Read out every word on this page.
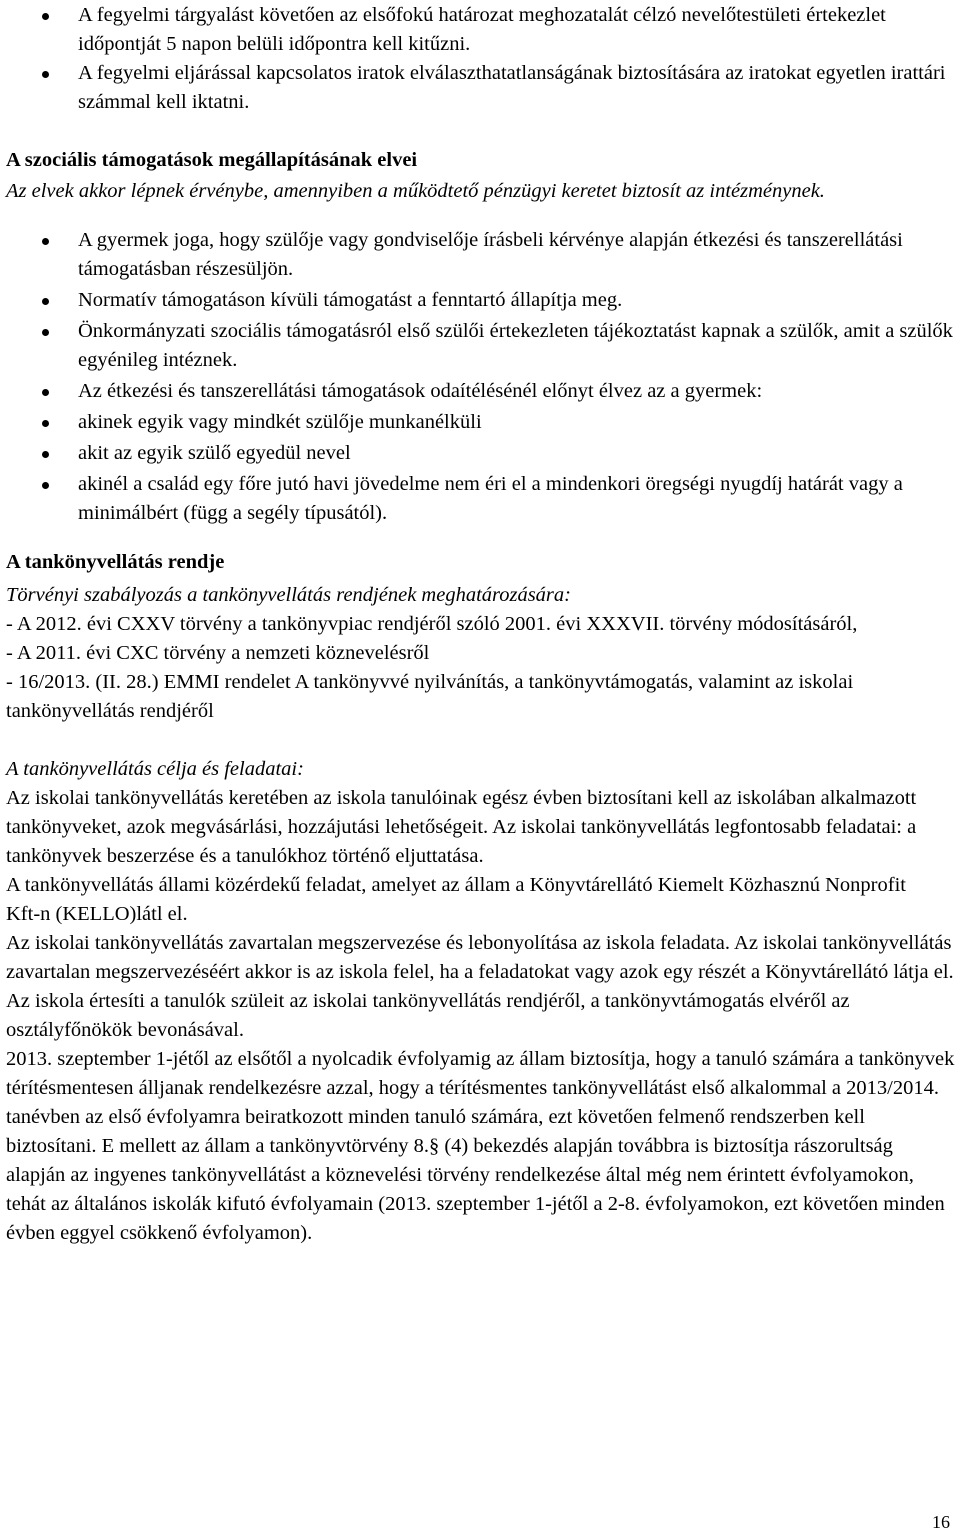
A fegyelmi tárgyalást követően az elsőfokú határozat meghozatalát célzó nevelőtestületi értekezlet időpontját 5 napon belüli időpontra kell kitűzni.
A fegyelmi eljárással kapcsolatos iratok elválaszthatatlanságának biztosítására az iratokat egyetlen irattári számmal kell iktatni.
A szociális támogatások megállapításának elvei
Az elvek akkor lépnek érvénybe, amennyiben a működtető pénzügyi keretet biztosít az intézménynek.
A gyermek joga, hogy szülője vagy gondviselője írásbeli kérvénye alapján étkezési és tanszerellátási támogatásban részesüljön.
Normatív támogatáson kívüli támogatást a fenntartó állapítja meg.
Önkormányzati szociális támogatásról első szülői értekezleten tájékoztatást kapnak a szülők, amit a szülők egyénileg intéznek.
Az étkezési és tanszerellátási támogatások odaítélésénél előnyt élvez az a gyermek:
akinek egyik vagy mindkét szülője munkanélküli
akit az egyik szülő egyedül nevel
akinél a család egy főre jutó havi jövedelme nem éri el a mindenkori öregségi nyugdíj határát vagy a minimálbért (függ a segély típusától).
A tankönyvellátás rendje
Törvényi szabályozás a tankönyvellátás rendjének meghatározására:
- A 2012. évi CXXV törvény a tankönyvpiac rendjéről szóló 2001. évi XXXVII. törvény módosításáról,
- A 2011. évi CXC törvény a nemzeti köznevelésről
- 16/2013. (II. 28.) EMMI rendelet A tankönyvvé nyilvánítás, a tankönyvtámogatás, valamint az iskolai tankönyvellátás rendjéről
A tankönyvellátás célja és feladatai:

Az iskolai tankönyvellátás keretében az iskola tanulóinak egész évben biztosítani kell az iskolában alkalmazott tankönyveket, azok megvásárlási, hozzájutási lehetőségeit. Az iskolai tankönyvellátás legfontosabb feladatai: a tankönyvek beszerzése és a tanulókhoz történő eljuttatása.

A tankönyvellátás állami közérdekű feladat, amelyet az állam a Könyvtárellátó Kiemelt Közhasznú Nonprofit Kft-n (KELLO)látl el.

Az iskolai tankönyvellátás zavartalan megszervezése és lebonyolítása az iskola feladata. Az iskolai tankönyvellátás zavartalan megszervezéséért akkor is az iskola felel, ha a feladatokat vagy azok egy részét a Könyvtárellátó látja el.

Az iskola értesíti a tanulók szüleit az iskolai tankönyvellátás rendjéről, a tankönyvtámogatás elvéről az osztályfőnökök bevonásával.

2013. szeptember 1-jétől az elsőtől a nyolcadik évfolyamig az állam biztosítja, hogy a tanuló számára a tankönyvek térítésmentesen álljanak rendelkezésre azzal, hogy a térítésmentes tankönyvellátást első alkalommal a 2013/2014. tanévben az első évfolyamra beiratkozott minden tanuló számára, ezt követően felmenő rendszerben kell biztosítani. E mellett az állam a tankönyvtörvény 8.§ (4) bekezdés alapján továbbra is biztosítja rászorultság alapján az ingyenes tankönyvellátást a köznevelési törvény rendelkezése által még nem érintett évfolyamokon, tehát az általános iskolák kifutó évfolyamain (2013. szeptember 1-jétől a 2-8. évfolyamokon, ezt követően minden évben eggyel csökkenő évfolyamon).

16
